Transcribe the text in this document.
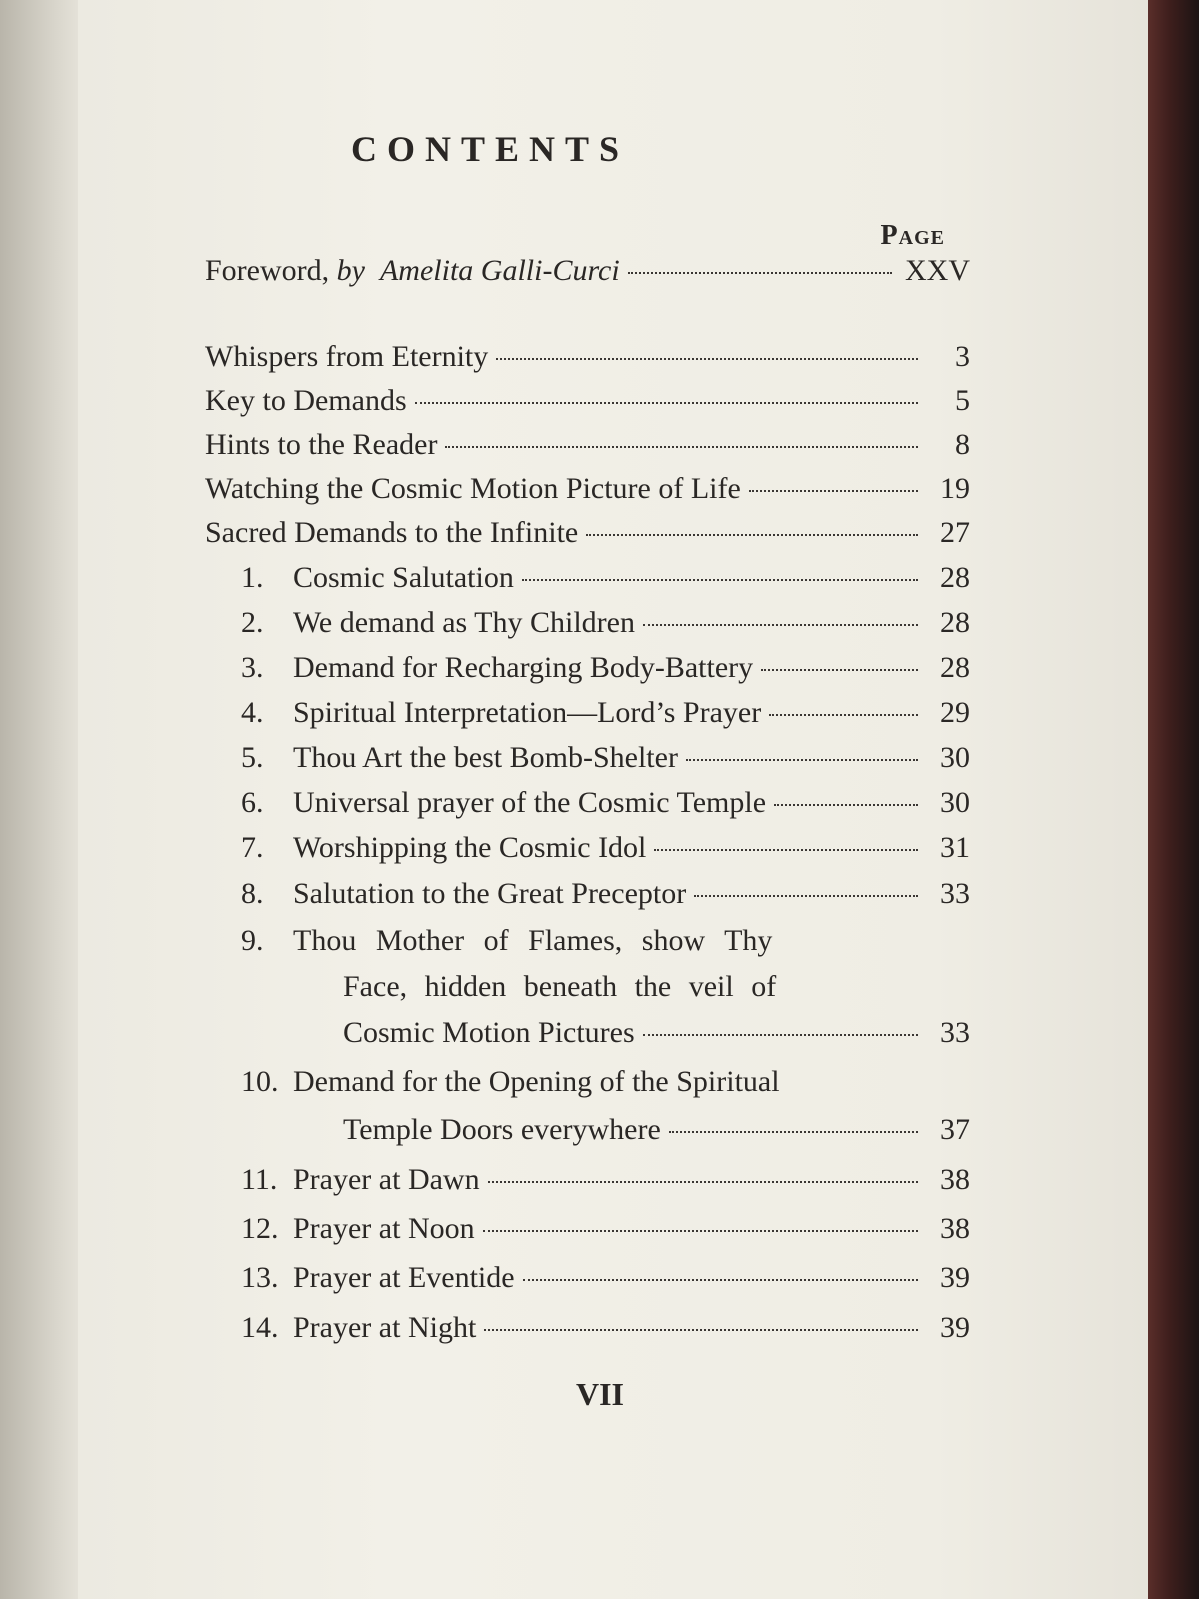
CONTENTS
Page
Foreword, by Amelita Galli-Curci	XXV
Whispers from Eternity	3
Key to Demands	5
Hints to the Reader	8
Watching the Cosmic Motion Picture of Life	19
Sacred Demands to the Infinite	27
1. Cosmic Salutation	28
2. We demand as Thy Children	28
3. Demand for Recharging Body-Battery	28
4. Spiritual Interpretation—Lord’s Prayer	29
5. Thou Art the best Bomb-Shelter	30
6. Universal prayer of the Cosmic Temple	30
7. Worshipping the Cosmic Idol	31
8. Salutation to the Great Preceptor	33
9. Thou Mother of Flames, show Thy
Face, hidden beneath the veil of
Cosmic Motion Pictures	33
10. Demand for the Opening of the Spiritual
Temple Doors everywhere	37
11. Prayer at Dawn	38
12. Prayer at Noon	38
13. Prayer at Eventide	39
14. Prayer at Night	39
VII
